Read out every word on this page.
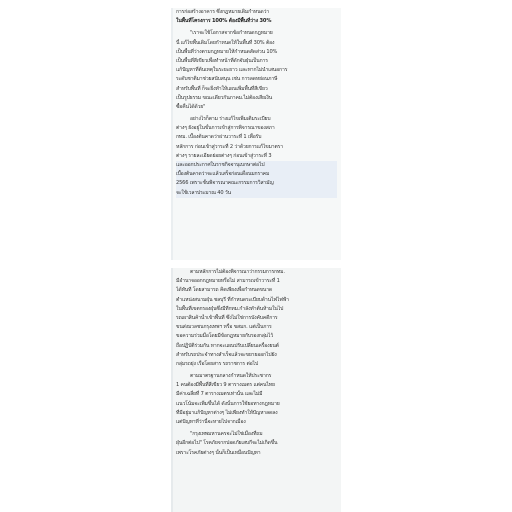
การก่อสร้างอาคาร ซึ่งกฎหมายเดิมกำหนดว่า
ในพื้นที่โครงการ 100% ต้องมีพื้นที่ว่าง 30%
"เราจะใช้โอกาสจากข้อกำหนดกฎหมาย
นี้ แก้ไขพื้นเดิมโดยกำหนดให้ในพื้นที่ 30% ต้อง
เป็นพื้นที่ว่างตามกฎหมายให้กำหนดสัดส่วน 10%
เป็นพื้นที่สีเขียวเพื่อทำหน้าที่ดักจับฝุ่นเป็นการ
แก้ปัญหาที่ต้นเหตุในระยะยาว และหากไม่นำเสนอการ
ระดับชาติมาช่วยสนับสนุน เช่น การลดหย่อนภาษี
สำหรับพื้นที่ ก็จะยิ่งทำให้แผนเพิ่มพื้นที่สีเขียว
เป็นรูปธรรม ขณะเดียวกันภาคม.ไม่ต้องเสียเงิน
ซื้อคืนได้ด้วย"
อย่างไรก็ตาม ร่างแก้ไขเพิ่มเติมระเบียบ
ต่างๆ ยังอยู่ในขั้นการเข้าสู่การพิจารณาของสภา
กทม. เบื้องต้นคาดว่าผ่านวาระที่ 1 เพื่อรับ
หลักการ ก่อนเข้าสู่วาระที่ 2 ว่าด้วยการแก้ไขมาตรา
ต่างๆ รายละเอียดย่อยต่างๆ ก่อนเข้าสู่วาระที่ 3
และออกประกาศในราชกิจจานุเบกษาต่อไป
เบื้องต้นคาดว่าจะแล้วเสร็จก่อนเดือนมกราคม
2566 เพราะชั้นพิจารณาคณะกรรมการวิสามัญ
จะใช้เวลาประมาณ 40 วัน
ตามหลักการไม่ต้องพิจารณาว่ากรรมการกทม.
มีอำนาจออกกฎหมายหรือไม่ สามารถเข้าวาระที่ 1
ได้ทันที โดยสามารถ คิดเพียงเพื่อกำหนดขนาด
ตำแหน่งสนามฝุ่น ชลบุรี ที่กำหนดระเบียบด้านไฟไฟฟ้า
ในพื้นที่เขตกรองฝุ่นซึ่งมีทีกทม.กำลังทำต้นห้ามในไป
รถเผาสินค้าน้ำเข้าพื้นที่ ซึ่งไม่ใช่การบังคับคดีการ
ขนส่งมวลชนกรุงเทพฯ หรือ ขสมก. แต่เป็นการ
ขอความร่วมมือโดยมีข้อกฎหมายกับรองกลุ่มไว้
ถือปฏิบัติร่วมกัน หากจะแผนปรับเปลี่ยนเครื่องยนต์
สำหรับรถประจำทางสำเร็จแล้วจะขยายออกไปยัง
กลุ่มรถยุ่ง เรือโดยสาร รถราชการ ต่อไป
ตามมาตรฐานกลางกำหนดให้ประชากร
1 คนต้องมีพื้นที่สีเขียว 9 ตารางเมตร แต่คนไทย
มีค่าเฉลี่ยที่ 7 ตารางเมตรเท่านั้น และไม่มี
แนวโน้มจะเพิ่มขึ้นได้ ดังนั้นการใช้ยอทางกฎหมาย
ที่มีอยู่มาแก้ปัญหาต่างๆ ไม่เพียงทำให้ปัญหาลดลง
แต่ปัญหาที่ว่านี้จะหายไปจากเมือง
"กรุงเทพมหานครจะไม่ใช่เมืองที่ถม
ฝุ่นอีกต่อไป" โรคภัยจากปอดภัยเสบกีจะไม่เกิดขึ้น
เพราะโรคภัยต่างๆ นั้นก็เป็นเหมือนปัญหา
